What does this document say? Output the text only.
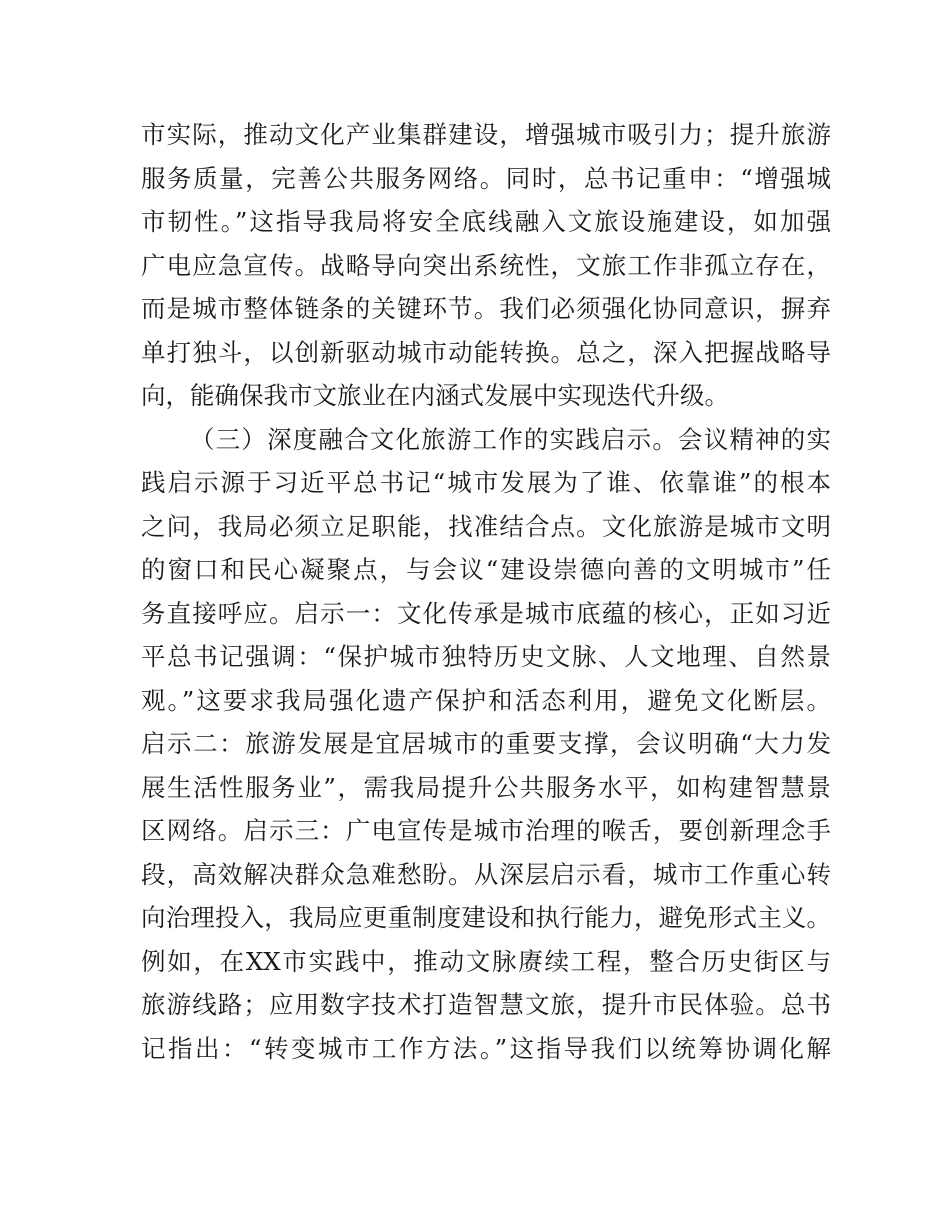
市实际，推动文化产业集群建设，增强城市吸引力；提升旅游
服务质量，完善公共服务网络。同时，总书记重申：“增强城
市韧性。”这指导我局将安全底线融入文旅设施建设，如加强
广电应急宣传。战略导向突出系统性，文旅工作非孤立存在，
而是城市整体链条的关键环节。我们必须强化协同意识，摒弃
单打独斗，以创新驱动城市动能转换。总之，深入把握战略导
向，能确保我市文旅业在内涵式发展中实现迭代升级。
（三）深度融合文化旅游工作的实践启示。会议精神的实
践启示源于习近平总书记“城市发展为了谁、依靠谁”的根本
之问，我局必须立足职能，找准结合点。文化旅游是城市文明
的窗口和民心凝聚点，与会议“建设崇德向善的文明城市”任
务直接呼应。启示一：文化传承是城市底蕴的核心，正如习近
平总书记强调：“保护城市独特历史文脉、人文地理、自然景
观。”这要求我局强化遗产保护和活态利用，避免文化断层。
启示二：旅游发展是宜居城市的重要支撑，会议明确“大力发
展生活性服务业”，需我局提升公共服务水平，如构建智慧景
区网络。启示三：广电宣传是城市治理的喉舌，要创新理念手
段，高效解决群众急难愁盼。从深层启示看，城市工作重心转
向治理投入，我局应更重制度建设和执行能力，避免形式主义。
例如，在XX市实践中，推动文脉赓续工程，整合历史街区与
旅游线路；应用数字技术打造智慧文旅，提升市民体验。总书
记指出：“转变城市工作方法。”这指导我们以统筹协调化解
